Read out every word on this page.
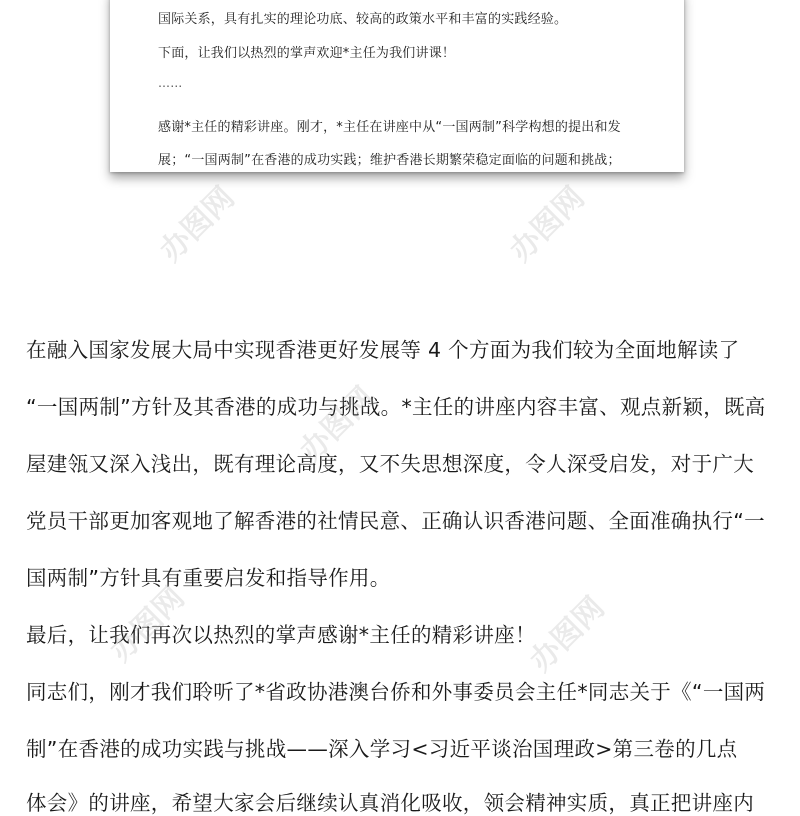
国际关系，具有扎实的理论功底、较高的政策水平和丰富的实践经验。
下面，让我们以热烈的掌声欢迎*主任为我们讲课！
……
感谢*主任的精彩讲座。刚才，*主任在讲座中从“一国两制”科学构想的提出和发
展；“一国两制”在香港的成功实践；维护香港长期繁荣稳定面临的问题和挑战；
在融入国家发展大局中实现香港更好发展等 4 个方面为我们较为全面地解读了
“一国两制”方针及其香港的成功与挑战。*主任的讲座内容丰富、观点新颖，既高
屋建瓴又深入浅出，既有理论高度，又不失思想深度，令人深受启发，对于广大
党员干部更加客观地了解香港的社情民意、正确认识香港问题、全面准确执行“一
国两制”方针具有重要启发和指导作用。
最后，让我们再次以热烈的掌声感谢*主任的精彩讲座！
同志们，刚才我们聆听了*省政协港澳台侨和外事委员会主任*同志关于《“一国两
制”在香港的成功实践与挑战——深入学习<习近平谈治国理政>第三卷的几点
体会》的讲座，希望大家会后继续认真消化吸收，领会精神实质，真正把讲座内
办图网	办图网
办图网
办图网	办图网
